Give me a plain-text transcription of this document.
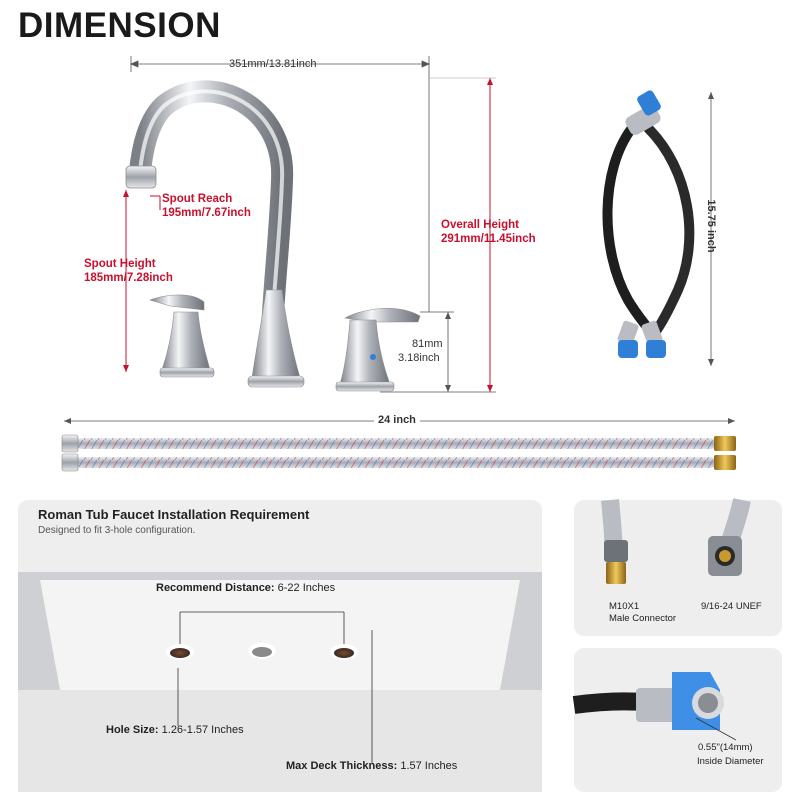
DIMENSION
351mm/13.81inch
Spout Reach
195mm/7.67inch
Spout Height
185mm/7.28inch
Overall Height
291mm/11.45inch
81mm
3.18inch
15.75 inch
24 inch
Roman Tub Faucet Installation Requirement
Designed to fit 3-hole configuration.
Recommend Distance: 6-22 Inches
Hole Size: 1.26-1.57 Inches
Max Deck Thickness: 1.57 Inches
M10X1
Male Connector
9/16-24 UNEF
0.55"(14mm)
Inside Diameter
